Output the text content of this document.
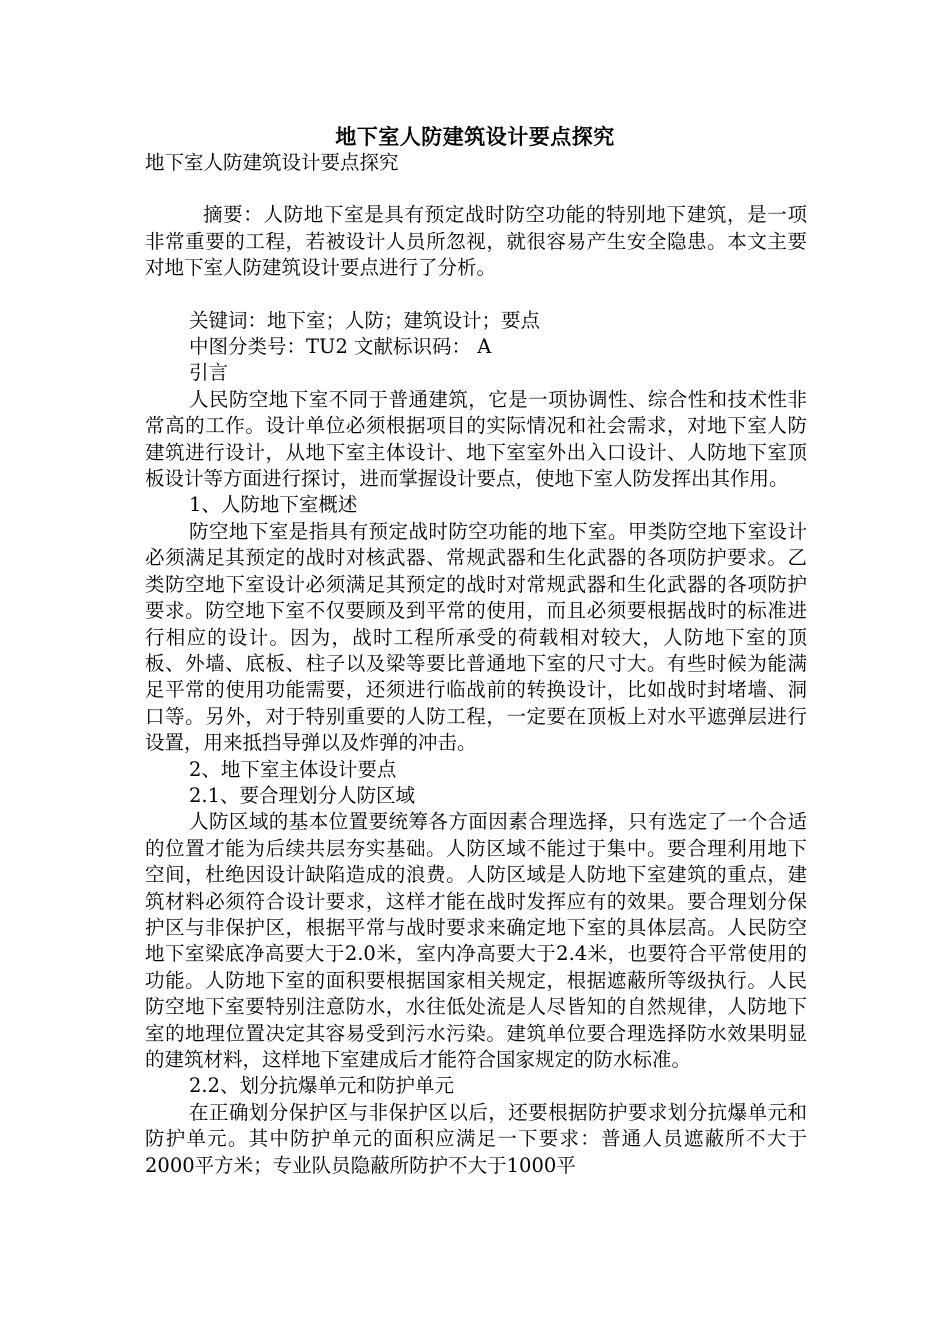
地下室人防建筑设计要点探究

地下室人防建筑设计要点探究

摘要：人防地下室是具有预定战时防空功能的特别地下建筑，是一项非常重要的工程，若被设计人员所忽视，就很容易产生安全隐患。本文主要对地下室人防建筑设计要点进行了分析。

关键词：地下室；人防；建筑设计；要点

中图分类号：TU2 文献标识码： A

引言

人民防空地下室不同于普通建筑，它是一项协调性、综合性和技术性非常高的工作。设计单位必须根据项目的实际情况和社会需求，对地下室人防建筑进行设计，从地下室主体设计、地下室室外出入口设计、人防地下室顶板设计等方面进行探讨，进而掌握设计要点，使地下室人防发挥出其作用。

1、人防地下室概述

防空地下室是指具有预定战时防空功能的地下室。甲类防空地下室设计必须满足其预定的战时对核武器、常规武器和生化武器的各项防护要求。乙类防空地下室设计必须满足其预定的战时对常规武器和生化武器的各项防护要求。防空地下室不仅要顾及到平常的使用，而且必须要根据战时的标准进行相应的设计。因为，战时工程所承受的荷载相对较大，人防地下室的顶板、外墙、底板、柱子以及梁等要比普通地下室的尺寸大。有些时候为能满足平常的使用功能需要，还须进行临战前的转换设计，比如战时封堵墙、洞口等。另外，对于特别重要的人防工程，一定要在顶板上对水平遮弹层进行设置，用来抵挡导弹以及炸弹的冲击。

2、地下室主体设计要点

2.1、要合理划分人防区域

人防区域的基本位置要统筹各方面因素合理选择，只有选定了一个合适的位置才能为后续共层夯实基础。人防区域不能过于集中。要合理利用地下空间，杜绝因设计缺陷造成的浪费。人防区域是人防地下室建筑的重点，建筑材料必须符合设计要求，这样才能在战时发挥应有的效果。要合理划分保护区与非保护区，根据平常与战时要求来确定地下室的具体层高。人民防空地下室梁底净高要大于2.0米，室内净高要大于2.4米，也要符合平常使用的功能。人防地下室的面积要根据国家相关规定，根据遮蔽所等级执行。人民防空地下室要特别注意防水，水往低处流是人尽皆知的自然规律，人防地下室的地理位置决定其容易受到污水污染。建筑单位要合理选择防水效果明显的建筑材料，这样地下室建成后才能符合国家规定的防水标准。

2.2、划分抗爆单元和防护单元

在正确划分保护区与非保护区以后，还要根据防护要求划分抗爆单元和防护单元。其中防护单元的面积应满足一下要求：普通人员遮蔽所不大于2000平方米；专业队员隐蔽所防护不大于1000平
